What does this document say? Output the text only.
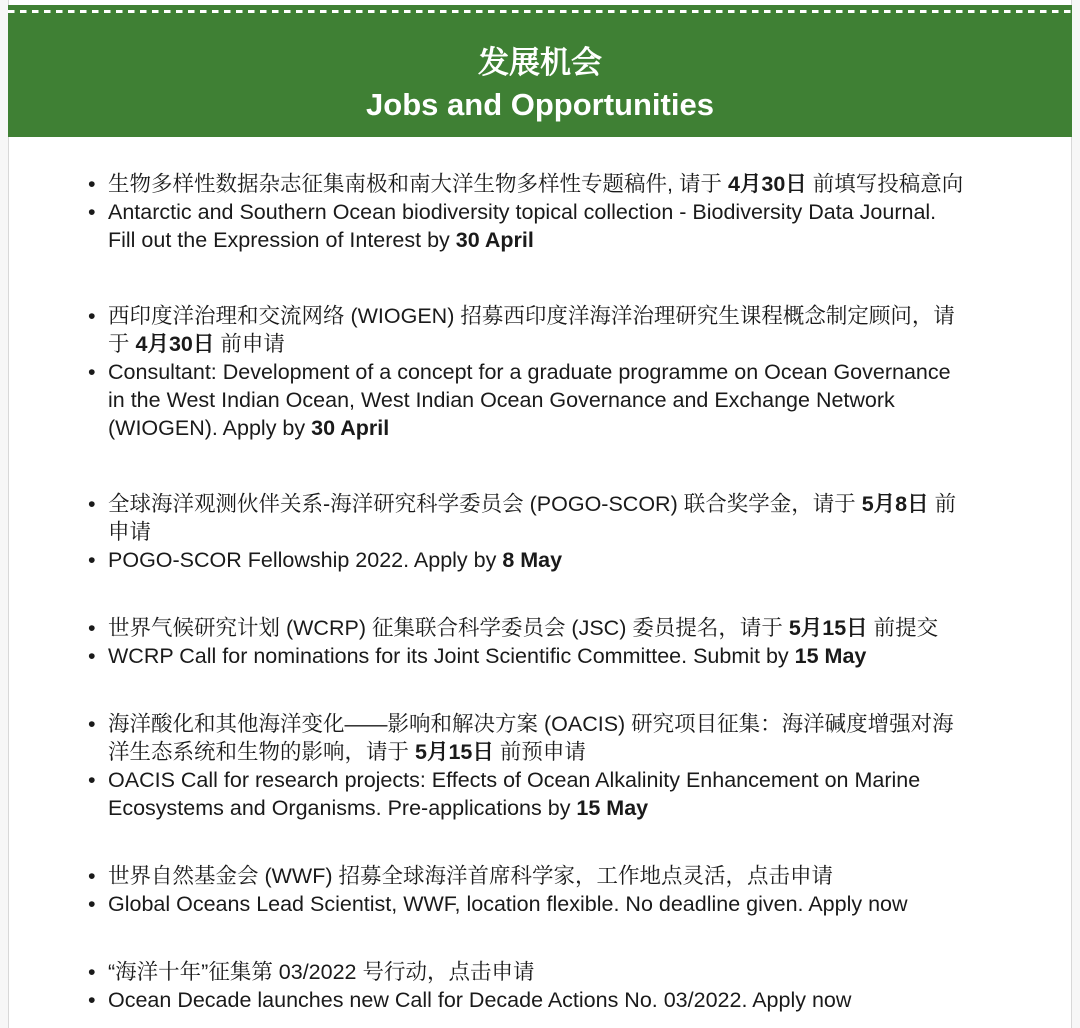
发展机会
Jobs and Opportunities
• 生物多样性数据杂志征集南极和南大洋生物多样性专题稿件, 请于 4月30日 前填写投稿意向
• Antarctic and Southern Ocean biodiversity topical collection - Biodiversity Data Journal.
Fill out the Expression of Interest by 30 April
• 西印度洋治理和交流网络 (WIOGEN) 招募西印度洋海洋治理研究生课程概念制定顾问，请
于 4月30日 前申请
• Consultant: Development of a concept for a graduate programme on Ocean Governance
in the West Indian Ocean, West Indian Ocean Governance and Exchange Network
(WIOGEN). Apply by 30 April
• 全球海洋观测伙伴关系-海洋研究科学委员会 (POGO-SCOR) 联合奖学金，请于 5月8日 前
申请
• POGO-SCOR Fellowship 2022. Apply by 8 May
• 世界气候研究计划 (WCRP) 征集联合科学委员会 (JSC) 委员提名，请于 5月15日 前提交
• WCRP Call for nominations for its Joint Scientific Committee. Submit by 15 May
• 海洋酸化和其他海洋变化——影响和解决方案 (OACIS) 研究项目征集：海洋碱度增强对海
洋生态系统和生物的影响，请于 5月15日 前预申请
• OACIS Call for research projects: Effects of Ocean Alkalinity Enhancement on Marine
Ecosystems and Organisms. Pre-applications by 15 May
• 世界自然基金会 (WWF) 招募全球海洋首席科学家，工作地点灵活，点击申请
• Global Oceans Lead Scientist, WWF, location flexible. No deadline given. Apply now
• “海洋十年”征集第 03/2022 号行动，点击申请
• Ocean Decade launches new Call for Decade Actions No. 03/2022. Apply now
